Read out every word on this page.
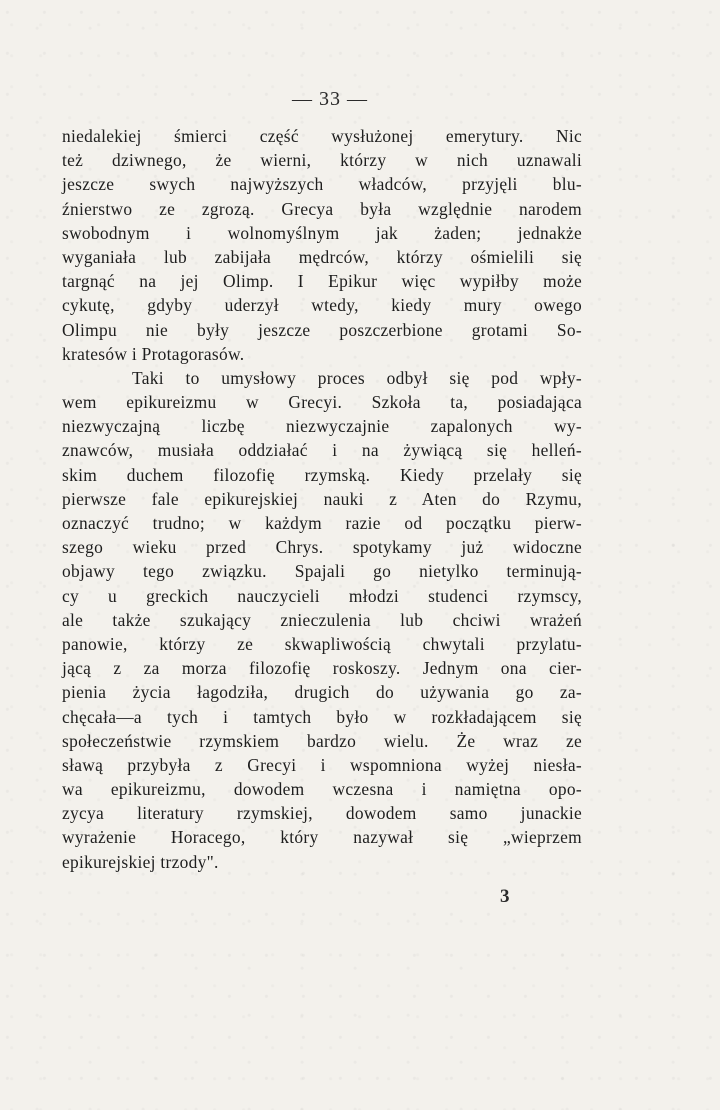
— 33 —
niedalekiej śmierci część wysłużonej emerytury. Nic
też dziwnego, że wierni, którzy w nich uznawali
jeszcze swych najwyższych władców, przyjęli blu-
źnierstwo ze zgrozą. Grecya była względnie narodem
swobodnym i wolnomyślnym jak żaden; jednakże
wyganiała lub zabijała mędrców, którzy ośmielili się
targnąć na jej Olimp. I Epikur więc wypiłby może
cykutę, gdyby uderzył wtedy, kiedy mury owego
Olimpu nie były jeszcze poszczerbione grotami So-
kratesów i Protagorasów.
Taki to umysłowy proces odbył się pod wpły-
wem epikureizmu w Grecyi. Szkoła ta, posiadająca
niezwyczajną liczbę niezwyczajnie zapalonych wy-
znawców, musiała oddziałać i na żywiącą się helleń-
skim duchem filozofię rzymską. Kiedy przelały się
pierwsze fale epikurejskiej nauki z Aten do Rzymu,
oznaczyć trudno; w każdym razie od początku pierw-
szego wieku przed Chrys. spotykamy już widoczne
objawy tego związku. Spajali go nietylko terminują-
cy u greckich nauczycieli młodzi studenci rzymscy,
ale także szukający znieczulenia lub chciwi wrażeń
panowie, którzy ze skwapliwością chwytali przylatu-
jącą z za morza filozofię roskoszy. Jednym ona cier-
pienia życia łagodziła, drugich do używania go za-
chęcała—a tych i tamtych było w rozkładającem się
społeczeństwie rzymskiem bardzo wielu. Że wraz ze
sławą przybyła z Grecyi i wspomniona wyżej niesła-
wa epikureizmu, dowodem wczesna i namiętna opo-
zycya literatury rzymskiej, dowodem samo junackie
wyrażenie Horacego, który nazywał się „wieprzem
epikurejskiej trzody".
3
